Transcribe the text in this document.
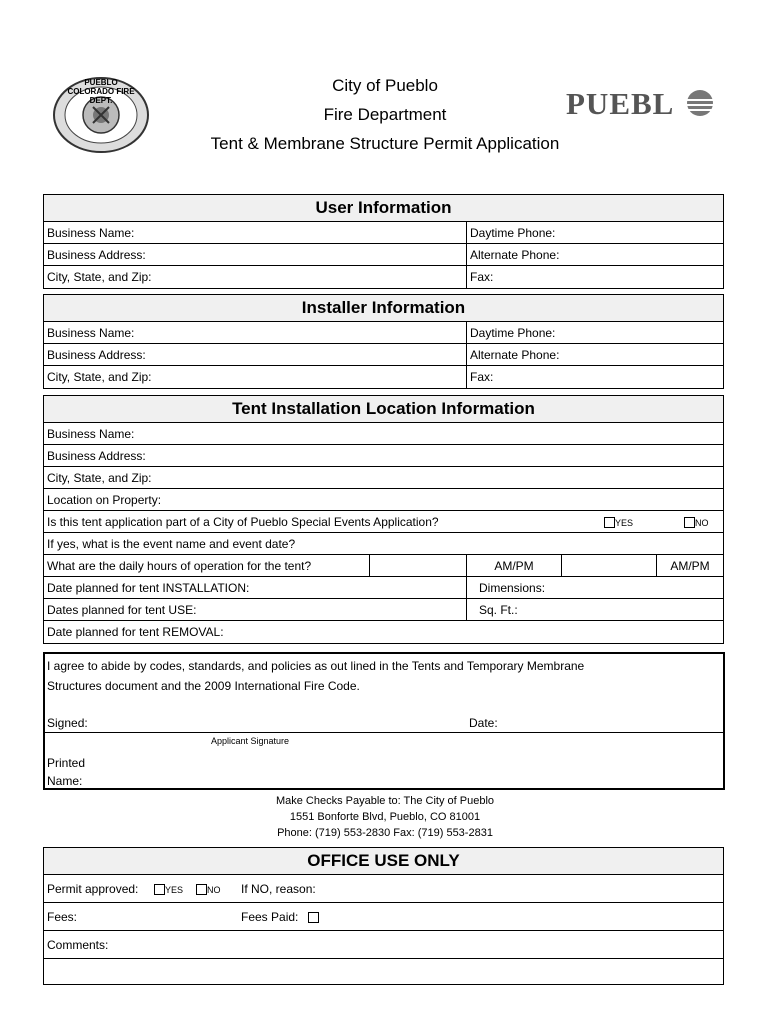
PUEBLO COLORADO FIRE DEPT.
City of Pueblo
Fire Department
Tent & Membrane Structure Permit Application
PUEBL
User Information
Business Name:	Daytime Phone:
Business Address:	Alternate Phone:
City, State, and Zip:	Fax:
Installer Information
Business Name:	Daytime Phone:
Business Address:	Alternate Phone:
City, State, and Zip:	Fax:
Tent Installation Location Information
Business Name:
Business Address:
City, State, and Zip:
Location on Property:
Is this tent application part of a City of Pueblo Special Events Application?	YES	NO
If yes, what is the event name and event date?
What are the daily hours of operation for the tent?	AM/PM	AM/PM
Date planned for tent INSTALLATION:	Dimensions:
Dates planned for tent USE:	Sq. Ft.:
Date planned for tent REMOVAL:
I agree to abide by codes, standards, and policies as out lined in the Tents and Temporary Membrane
Structures document and the 2009 International Fire Code.
Signed:	Date:
Applicant Signature
Printed
Name:
Make Checks Payable to: The City of Pueblo
1551 Bonforte Blvd, Pueblo, CO 81001
Phone: (719) 553-2830 Fax: (719) 553-2831
OFFICE USE ONLY
Permit approved:	YES	NO	If NO, reason:
Fees:	Fees Paid:
Comments:
